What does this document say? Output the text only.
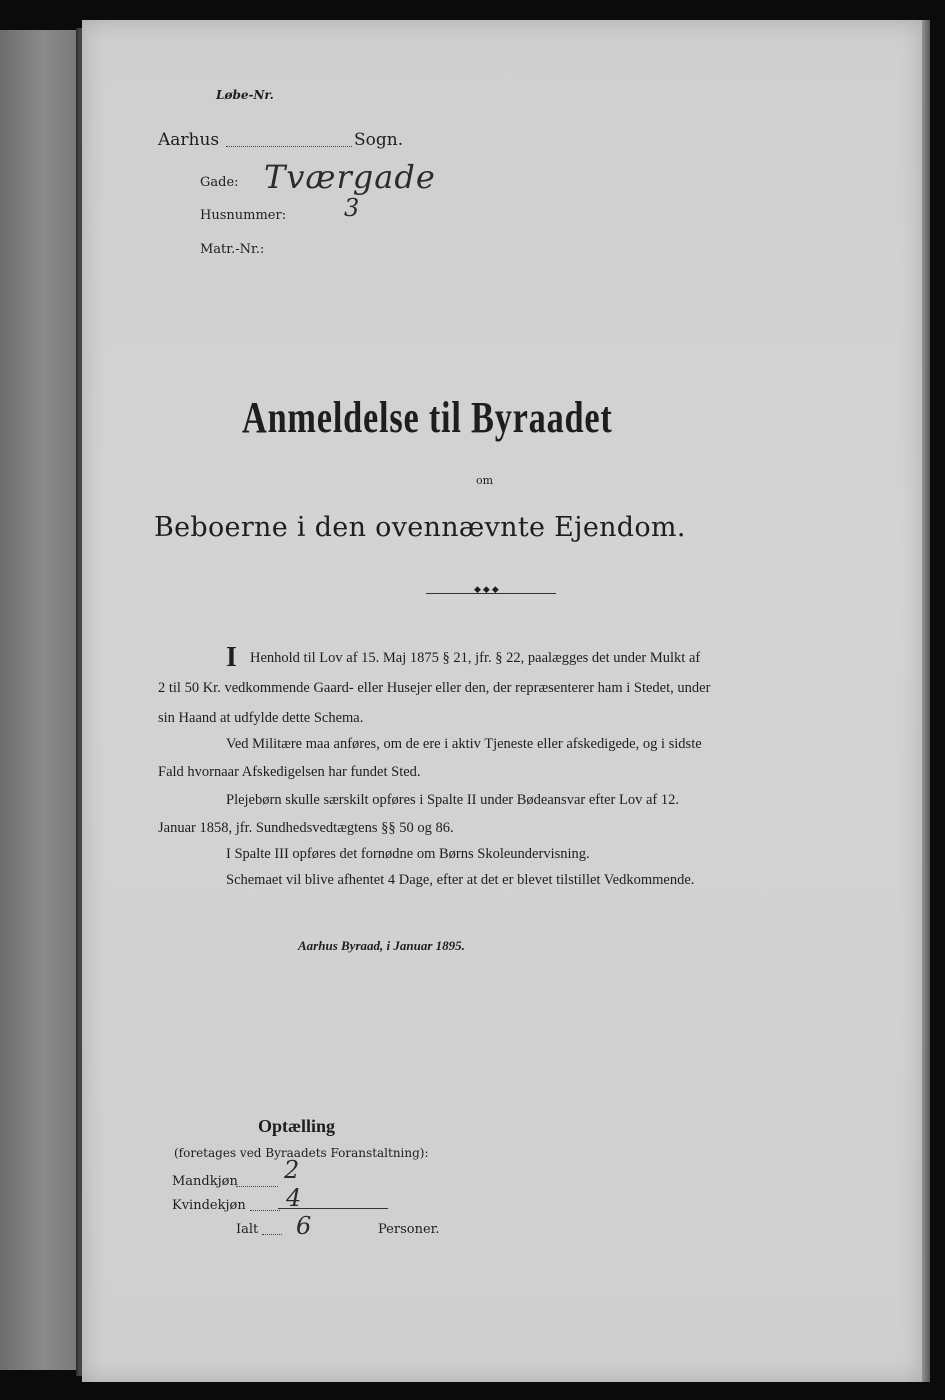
Løbe-Nr.
Aarhus	Sogn.
Gade: Tværgade
Husnummer: 3
Matr.-Nr.:
Anmeldelse til Byraadet
om
Beboerne i den ovennævnte Ejendom.
◆◆◆
I Henhold til Lov af 15. Maj 1875 § 21, jfr. § 22, paalægges det under Mulkt af
2 til 50 Kr. vedkommende Gaard- eller Husejer eller den, der repræsenterer ham i Stedet, under
sin Haand at udfylde dette Schema.
Ved Militære maa anføres, om de ere i aktiv Tjeneste eller afskedigede, og i sidste
Fald hvornaar Afskedigelsen har fundet Sted.
Plejebørn skulle særskilt opføres i Spalte II under Bødeansvar efter Lov af 12.
Januar 1858, jfr. Sundhedsvedtægtens §§ 50 og 86.
I Spalte III opføres det fornødne om Børns Skoleundervisning.
Schemaet vil blive afhentet 4 Dage, efter at det er blevet tilstillet Vedkommende.
Aarhus Byraad, i Januar 1895.
Optælling
(foretages ved Byraadets Foranstaltning):
Mandkjøn 2
Kvindekjøn 4
Ialt 6	Personer.
